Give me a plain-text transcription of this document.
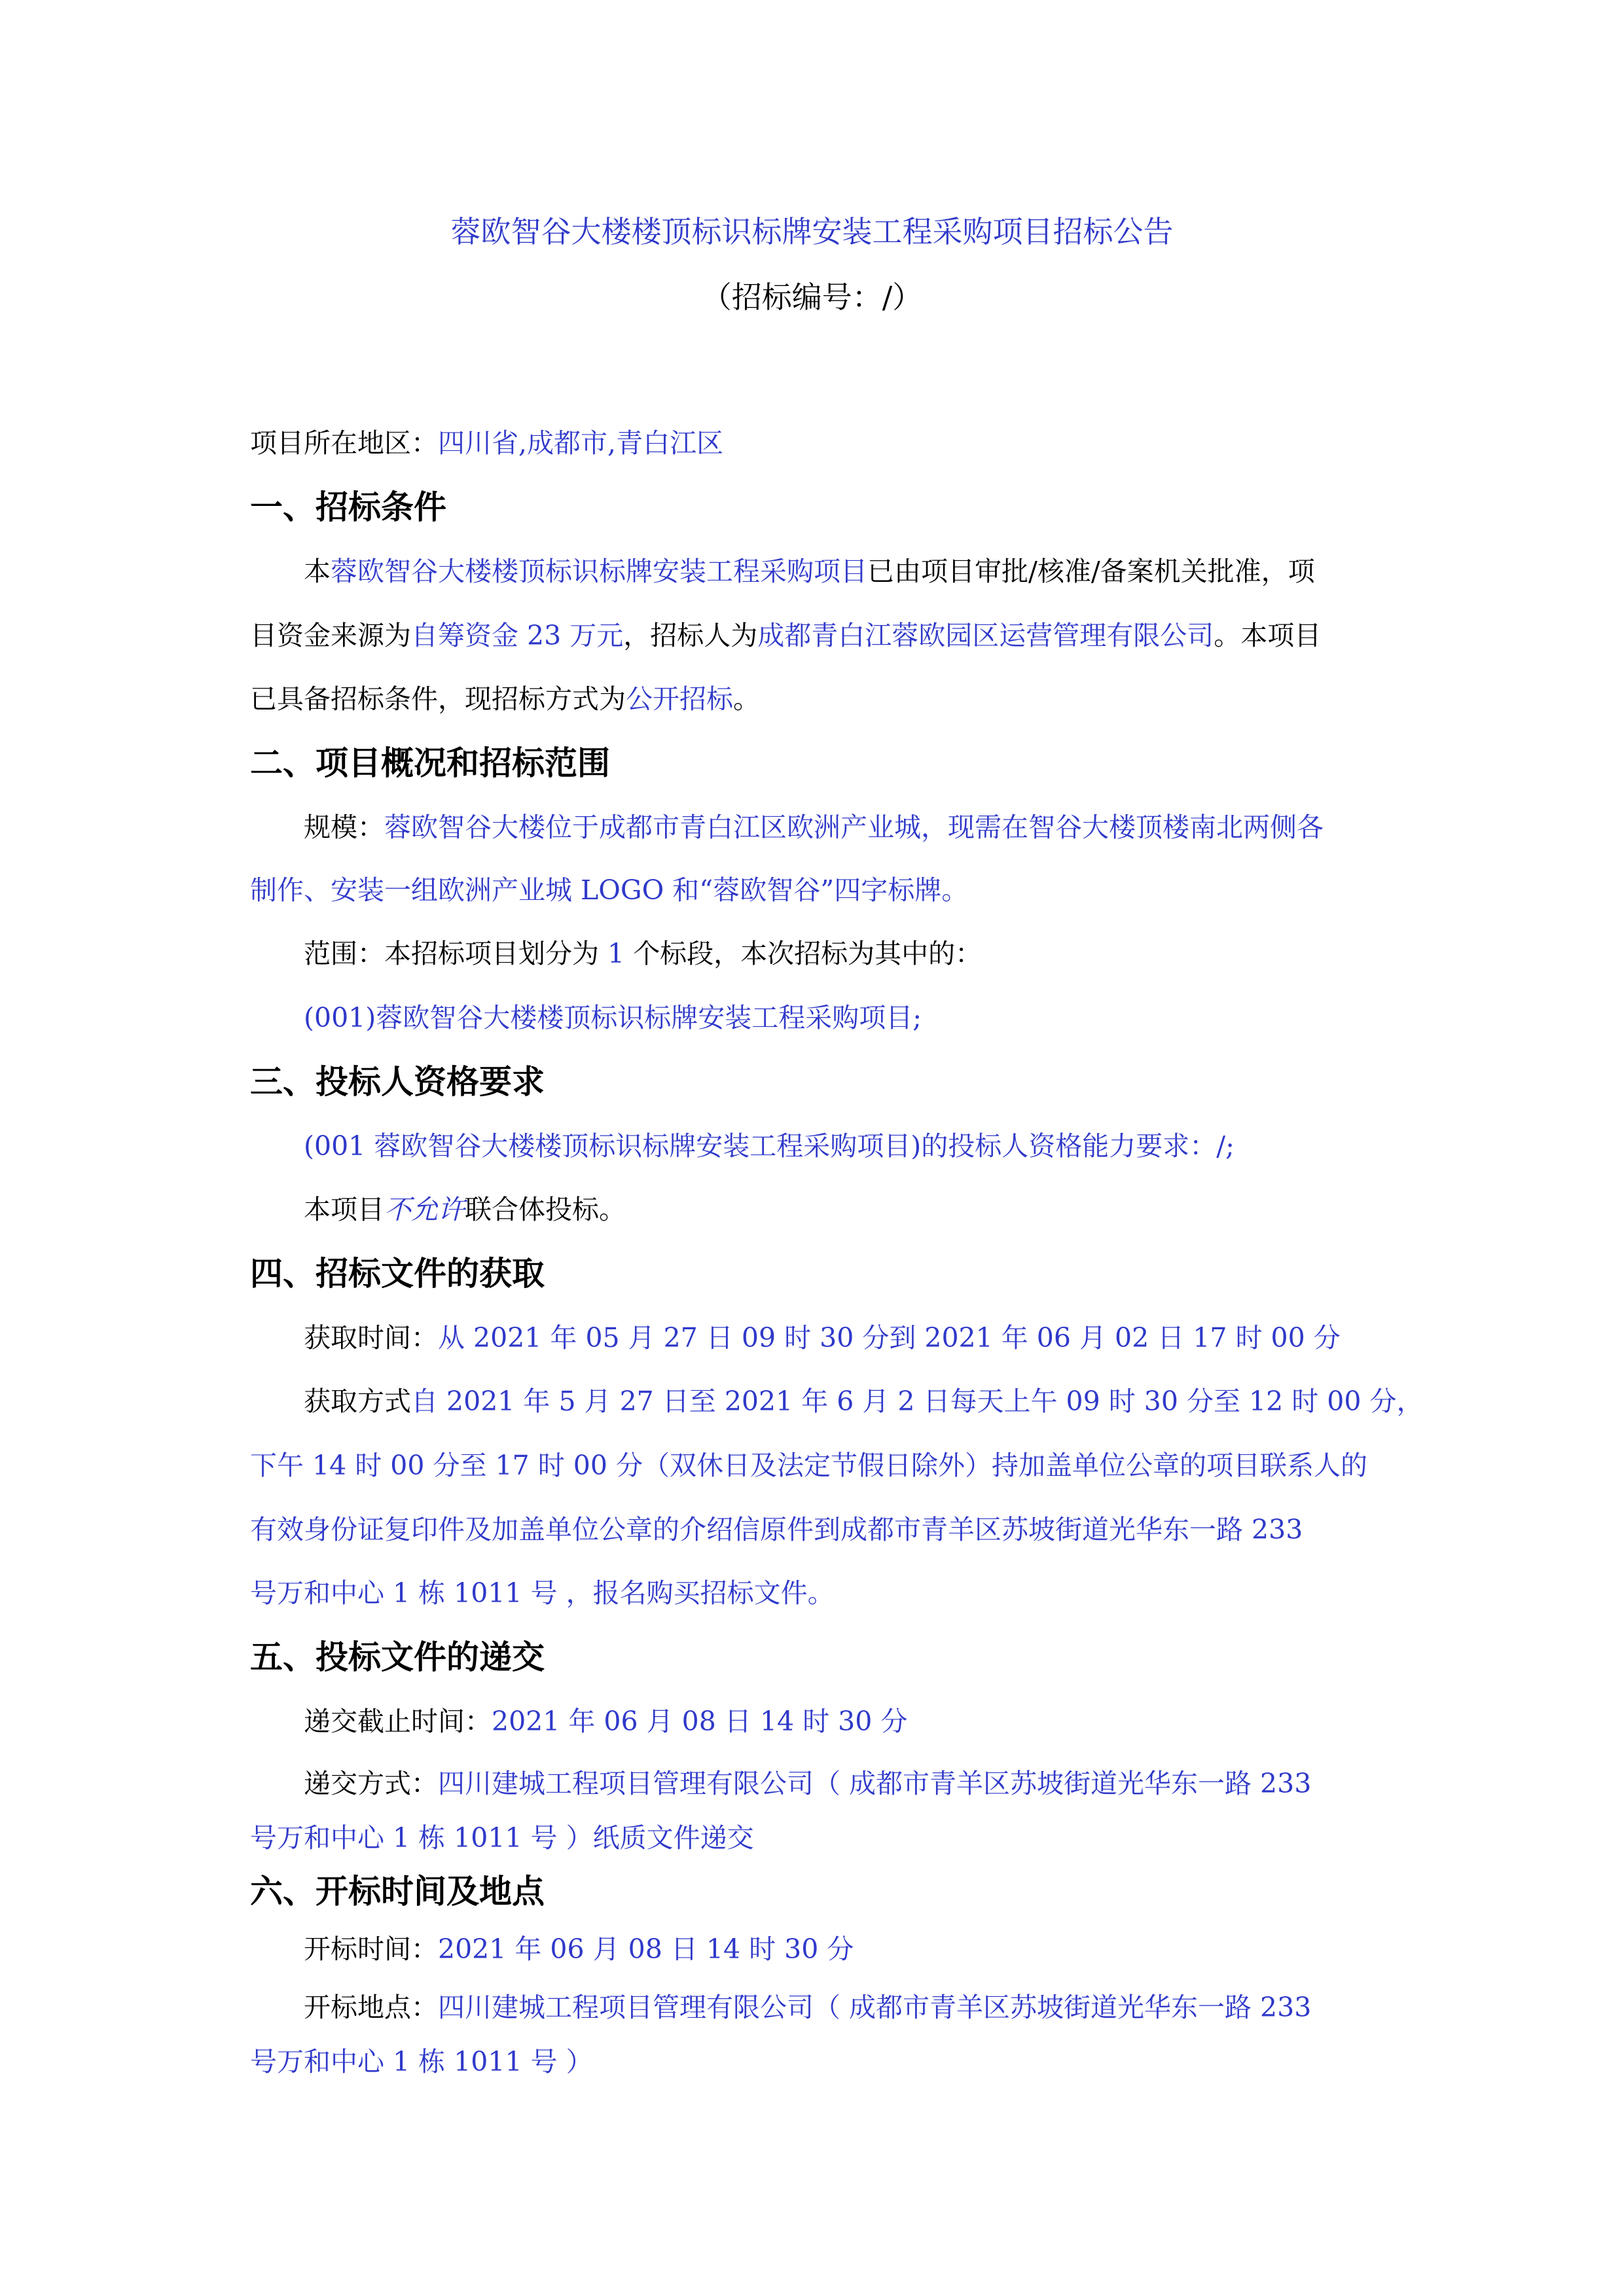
蓉欧智谷大楼楼顶标识标牌安装工程采购项目招标公告
（招标编号：/）
项目所在地区：四川省,成都市,青白江区
一、招标条件
本蓉欧智谷大楼楼顶标识标牌安装工程采购项目已由项目审批/核准/备案机关批准，项
目资金来源为自筹资金 23 万元，招标人为成都青白江蓉欧园区运营管理有限公司。本项目
已具备招标条件，现招标方式为公开招标。
二、项目概况和招标范围
规模：蓉欧智谷大楼位于成都市青白江区欧洲产业城，现需在智谷大楼顶楼南北两侧各
制作、安装一组欧洲产业城 LOGO 和“蓉欧智谷”四字标牌。
范围：本招标项目划分为 1 个标段，本次招标为其中的：
(001)蓉欧智谷大楼楼顶标识标牌安装工程采购项目;
三、投标人资格要求
(001 蓉欧智谷大楼楼顶标识标牌安装工程采购项目)的投标人资格能力要求：/;
本项目不允许联合体投标。
四、招标文件的获取
获取时间：从 2021 年 05 月 27 日 09 时 30 分到 2021 年 06 月 02 日 17 时 00 分
获取方式自 2021 年 5 月 27 日至 2021 年 6 月 2 日每天上午 09 时 30 分至 12 时 00 分，
下午 14 时 00 分至 17 时 00 分（双休日及法定节假日除外）持加盖单位公章的项目联系人的
有效身份证复印件及加盖单位公章的介绍信原件到成都市青羊区苏坡街道光华东一路 233
号万和中心 1 栋 1011 号 ，报名购买招标文件。
五、投标文件的递交
递交截止时间：2021 年 06 月 08 日 14 时 30 分
递交方式：四川建城工程项目管理有限公司（ 成都市青羊区苏坡街道光华东一路 233
号万和中心 1 栋 1011 号 ）纸质文件递交
六、开标时间及地点
开标时间：2021 年 06 月 08 日 14 时 30 分
开标地点：四川建城工程项目管理有限公司（ 成都市青羊区苏坡街道光华东一路 233
号万和中心 1 栋 1011 号 ）
